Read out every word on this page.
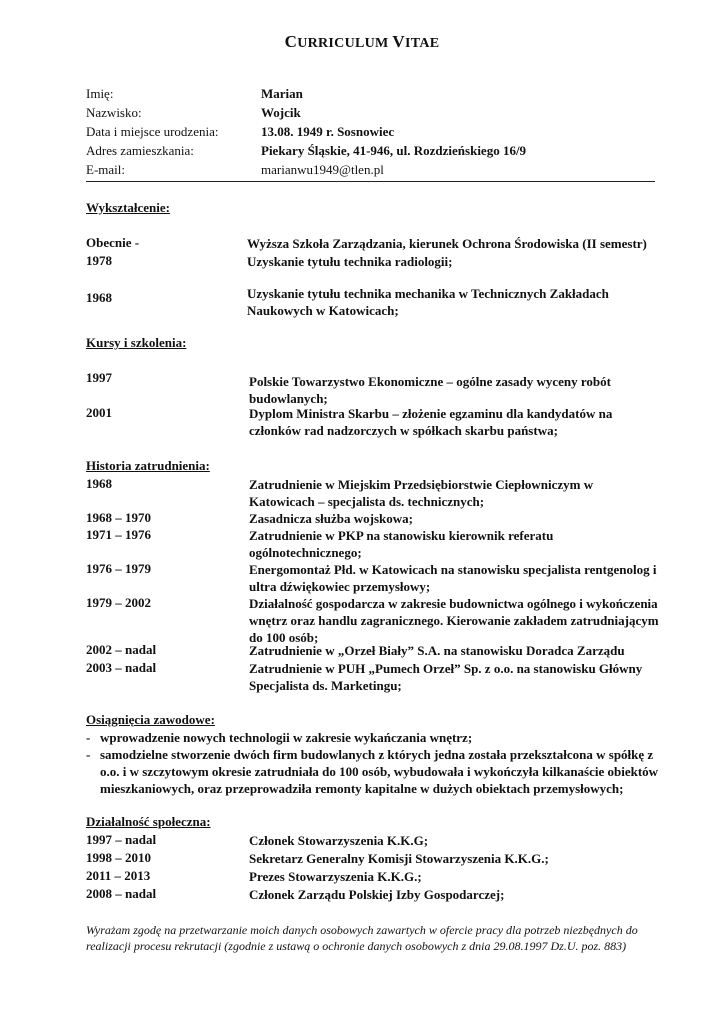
CURRICULUM VITAE
Imię:	Marian
Nazwisko:	Wojcik
Data i miejsce urodzenia:	13.08. 1949 r. Sosnowiec
Adres zamieszkania:	Piekary Śląskie, 41-946, ul. Rozdzieńskiego 16/9
E-mail:	marianwu1949@tlen.pl
Wykształcenie:
Obecnie -	Wyższa Szkoła Zarządzania, kierunek Ochrona Środowiska (II semestr)
1978	Uzyskanie tytułu technika radiologii;
1968	Uzyskanie tytułu technika mechanika w Technicznych Zakładach
Naukowych w Katowicach;
Kursy i szkolenia:
1997	Polskie Towarzystwo Ekonomiczne – ogólne zasady wyceny robót
budowlanych;
2001	Dyplom Ministra Skarbu – złożenie egzaminu dla kandydatów na
członków rad nadzorczych w spółkach skarbu państwa;
Historia zatrudnienia:
1968	Zatrudnienie w Miejskim Przedsiębiorstwie Ciepłowniczym w
Katowicach – specjalista ds. technicznych;
1968 – 1970	Zasadnicza służba wojskowa;
1971 – 1976	Zatrudnienie w PKP na stanowisku kierownik referatu
ogólnotechnicznego;
1976 – 1979	Energomontaż Płd. w Katowicach na stanowisku specjalista rentgenolog i
ultra dźwiękowiec przemysłowy;
1979 – 2002	Działalność gospodarcza w zakresie budownictwa ogólnego i wykończenia
wnętrz oraz handlu zagranicznego. Kierowanie zakładem zatrudniającym
do 100 osób;
2002 – nadal	Zatrudnienie w „Orzeł Biały” S.A. na stanowisku Doradca Zarządu
2003 – nadal	Zatrudnienie w PUH „Pumech Orzeł” Sp. z o.o. na stanowisku Główny
Specjalista ds. Marketingu;
Osiągnięcia zawodowe:
- wprowadzenie nowych technologii w zakresie wykańczania wnętrz;
- samodzielne stworzenie dwóch firm budowlanych z których jedna została przekształcona w spółkę z
o.o. i w szczytowym okresie zatrudniała do 100 osób, wybudowała i wykończyła kilkanaście obiektów
mieszkaniowych, oraz przeprowadziła remonty kapitalne w dużych obiektach przemysłowych;
Działalność społeczna:
1997 – nadal	Członek Stowarzyszenia K.K.G;
1998 – 2010	Sekretarz Generalny Komisji Stowarzyszenia K.K.G.;
2011 – 2013	Prezes Stowarzyszenia K.K.G.;
2008 – nadal	Członek Zarządu Polskiej Izby Gospodarczej;
Wyrażam zgodę na przetwarzanie moich danych osobowych zawartych w ofercie pracy dla potrzeb niezbędnych do
realizacji procesu rekrutacji (zgodnie z ustawą o ochronie danych osobowych z dnia 29.08.1997 Dz.U. poz. 883)
